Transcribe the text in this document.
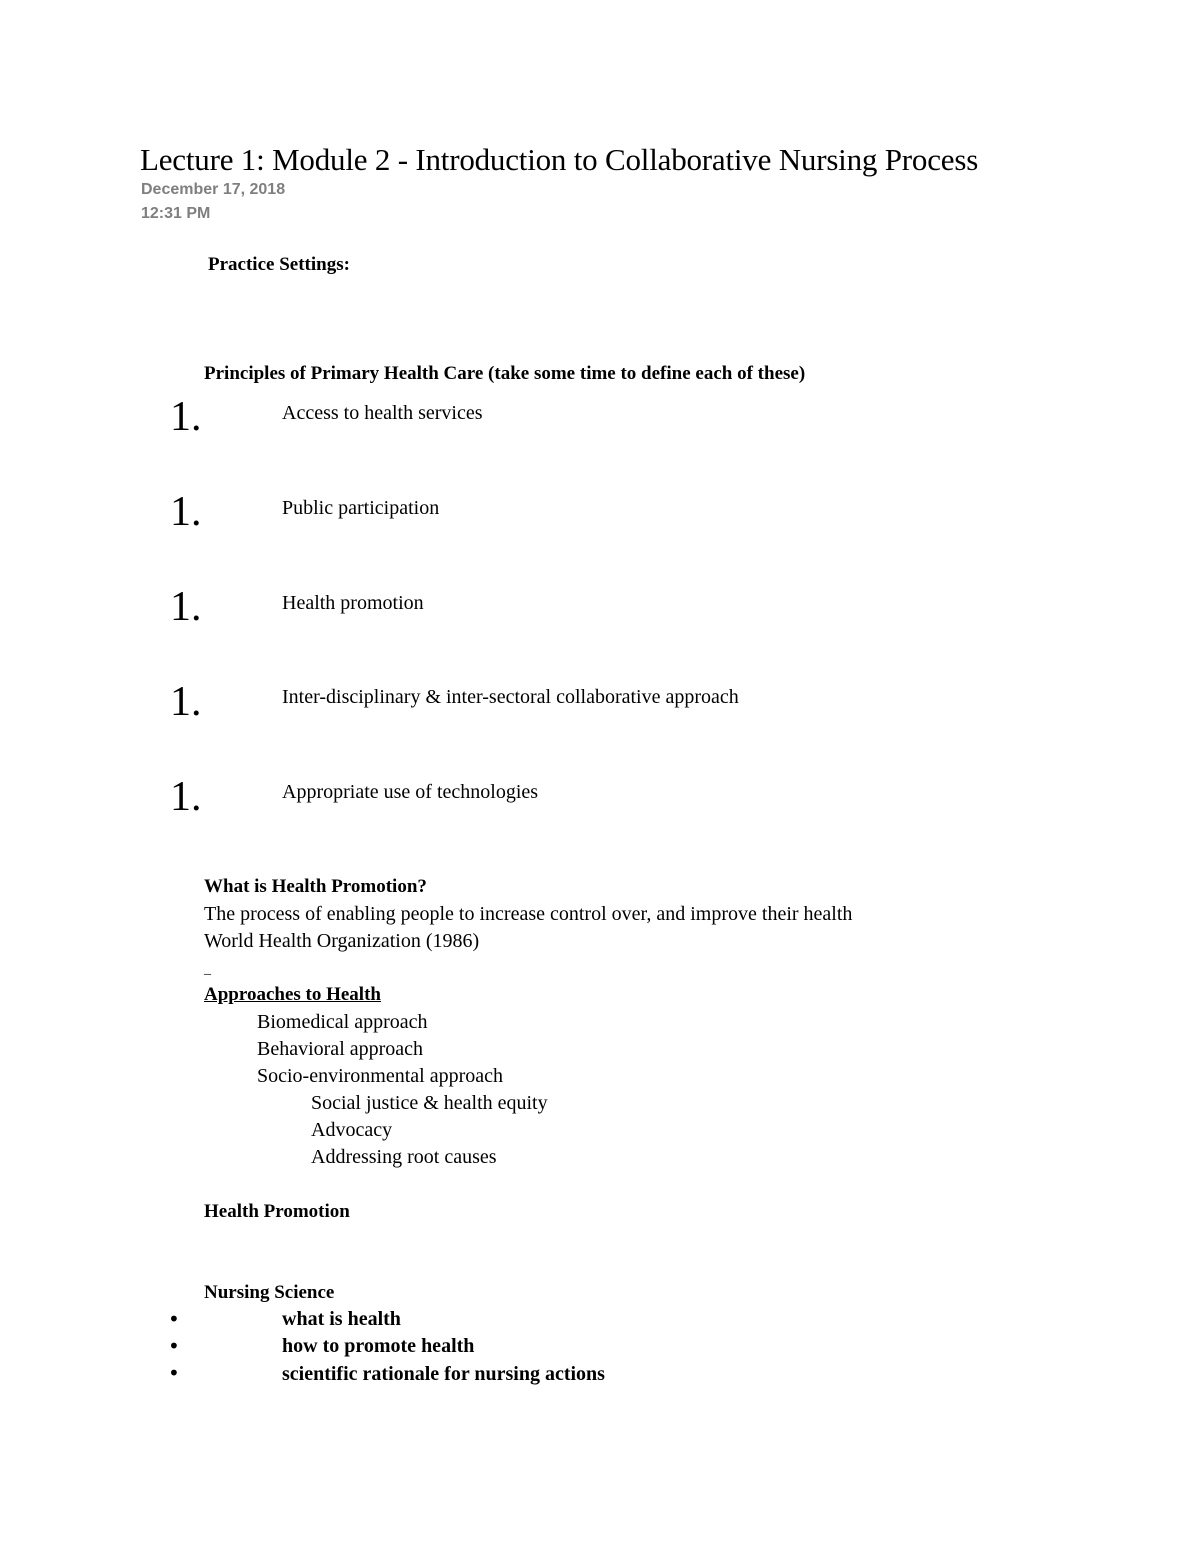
Lecture 1: Module 2 - Introduction to Collaborative Nursing Process
December 17, 2018
12:31 PM
Practice Settings:
Principles of Primary Health Care (take some time to define each of these)
1.	Access to health services
1.	Public participation
1.	Health promotion
1.	Inter-disciplinary & inter-sectoral collaborative approach
1.	Appropriate use of technologies
What is Health Promotion?
The process of enabling people to increase control over, and improve their health
World Health Organization (1986)
_
Approaches to Health
Biomedical approach
Behavioral approach
Socio-environmental approach
Social justice & health equity
Advocacy
Addressing root causes
Health Promotion
Nursing Science
•	what is health
•	how to promote health
•	scientific rationale for nursing actions
